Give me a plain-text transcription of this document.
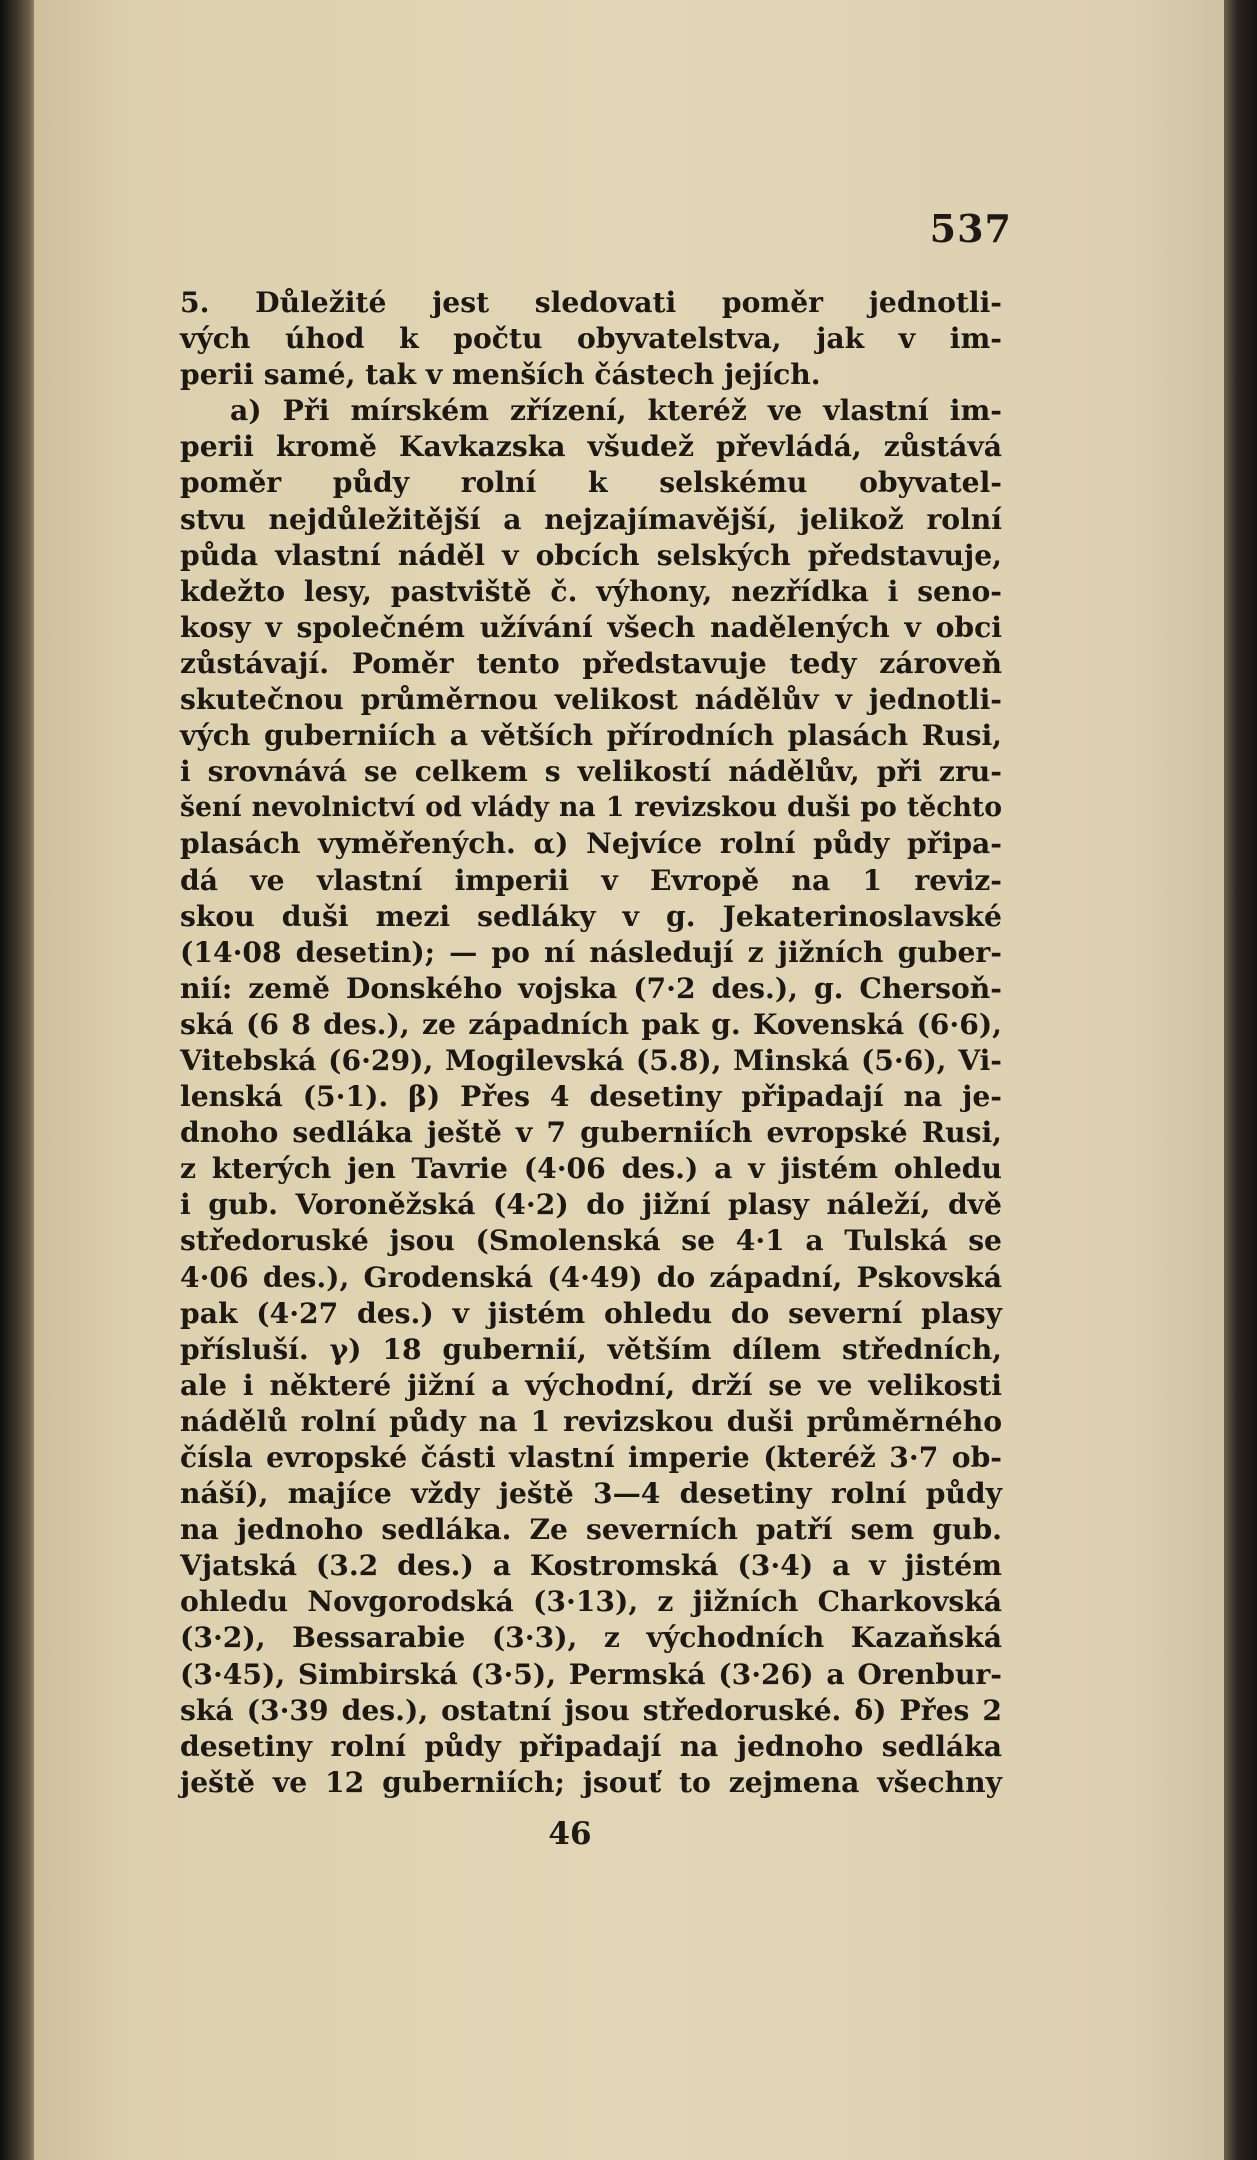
537
5. Důležité jest sledovati poměr jednotli-
vých úhod k počtu obyvatelstva, jak v im-
perii samé, tak v menších částech jejích.
a) Při mírském zřízení, kteréž ve vlastní im-
perii kromě Kavkazska všudež převládá, zůstává
poměr půdy rolní k selskému obyvatel-
stvu nejdůležitější a nejzajímavější, jelikož rolní
půda vlastní náděl v obcích selských představuje,
kdežto lesy, pastviště č. výhony, nezřídka i seno-
kosy v společném užívání všech nadělených v obci
zůstávají. Poměr tento představuje tedy zároveň
skutečnou průměrnou velikost nádělův v jednotli-
vých guberniích a větších přírodních plasách Rusi,
i srovnává se celkem s velikostí nádělův, při zru-
šení nevolnictví od vlády na 1 revizskou duši po těchto
plasách vyměřených. α) Nejvíce rolní půdy připa-
dá ve vlastní imperii v Evropě na 1 reviz-
skou duši mezi sedláky v g. Jekaterinoslavské
(14·08 desetin); — po ní následují z jižních guber-
nií: země Donského vojska (7·2 des.), g. Chersoň-
ská (6 8 des.), ze západních pak g. Kovenská (6·6),
Vitebská (6·29), Mogilevská (5.8), Minská (5·6), Vi-
lenská (5·1). β) Přes 4 desetiny připadají na je-
dnoho sedláka ještě v 7 guberniích evropské Rusi,
z kterých jen Tavrie (4·06 des.) a v jistém ohledu
i gub. Voroněžská (4·2) do jižní plasy náleží, dvě
středoruské jsou (Smolenská se 4·1 a Tulská se
4·06 des.), Grodenská (4·49) do západní, Pskovská
pak (4·27 des.) v jistém ohledu do severní plasy
přísluší. γ) 18 gubernií, větším dílem středních,
ale i některé jižní a východní, drží se ve velikosti
nádělů rolní půdy na 1 revizskou duši průměrného
čísla evropské části vlastní imperie (kteréž 3·7 ob-
náší), majíce vždy ještě 3—4 desetiny rolní půdy
na jednoho sedláka. Ze severních patří sem gub.
Vjatská (3.2 des.) a Kostromská (3·4) a v jistém
ohledu Novgorodská (3·13), z jižních Charkovská
(3·2), Bessarabie (3·3), z východních Kazaňská
(3·45), Simbirská (3·5), Permská (3·26) a Orenbur-
ská (3·39 des.), ostatní jsou středoruské. δ) Přes 2
desetiny rolní půdy připadají na jednoho sedláka
ještě ve 12 guberniích; jsouť to zejmena všechny
46
